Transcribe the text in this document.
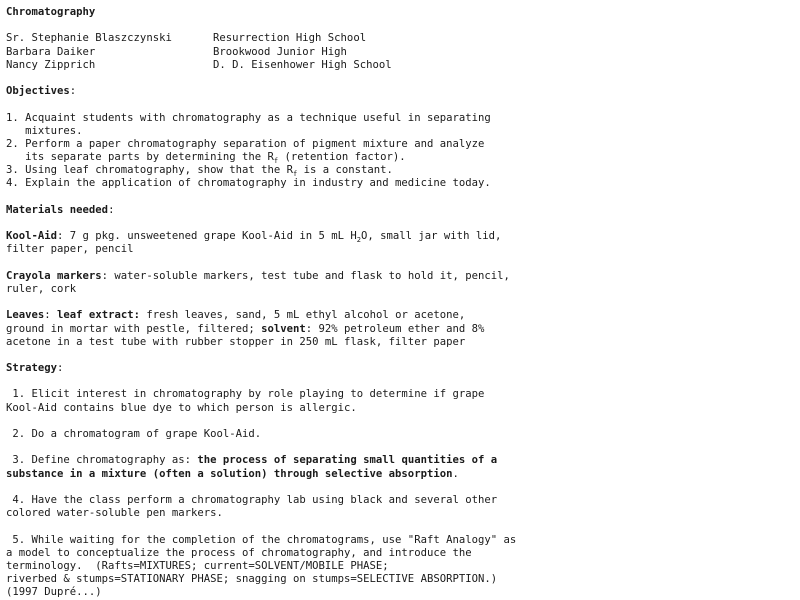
Chromatography
Sr. Stephanie Blaszczynski	Resurrection High School
Barbara Daiker	Brookwood Junior High
Nancy Zipprich	D. D. Eisenhower High School
Objectives:
1. Acquaint students with chromatography as a technique useful in separating
mixtures.
2. Perform a paper chromatography separation of pigment mixture and analyze
its separate parts by determining the $R_f$ (retention factor).
3. Using leaf chromatography, show that the $R_f$ is a constant.
4. Explain the application of chromatography in industry and medicine today.
Materials needed:
Kool-Aid: 7 g pkg. unsweetened grape Kool-Aid in 5 mL $H_2O$, small jar with lid,
filter paper, pencil
Crayola markers: water-soluble markers, test tube and flask to hold it, pencil,
ruler, cork
Leaves: leaf extract: fresh leaves, sand, 5 mL ethyl alcohol or acetone,
ground in mortar with pestle, filtered; solvent: 92% petroleum ether and 8%
acetone in a test tube with rubber stopper in 250 mL flask, filter paper
Strategy:
1. Elicit interest in chromatography by role playing to determine if grape
Kool-Aid contains blue dye to which person is allergic.
2. Do a chromatogram of grape Kool-Aid.
3. Define chromatography as: the process of separating small quantities of a
substance in a mixture (often a solution) through selective absorption.
4. Have the class perform a chromatography lab using black and several other
colored water-soluble pen markers.
5. While waiting for the completion of the chromatograms, use "Raft Analogy" as
a model to conceptualize the process of chromatography, and introduce the
terminology.  (Rafts=MIXTURES; current=SOLVENT/MOBILE PHASE;
riverbed & stumps=STATIONARY PHASE; snagging on stumps=SELECTIVE ABSORPTION.)
(1997 Dupré...)
